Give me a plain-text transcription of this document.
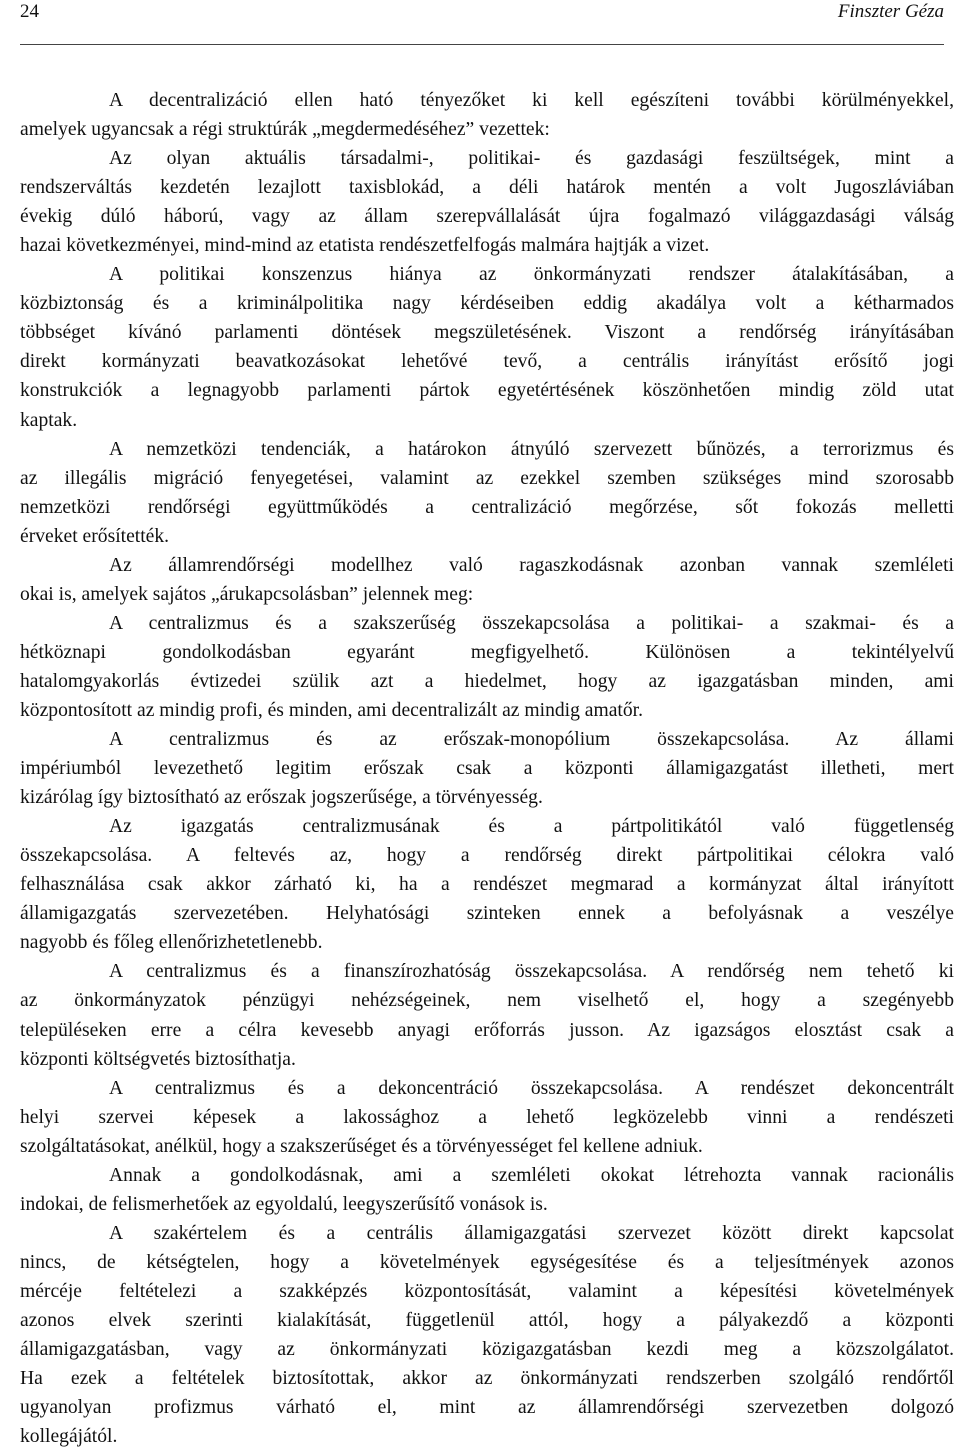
24	Finszter Géza
A decentralizáció ellen ható tényezőket ki kell egészíteni további körülményekkel,
amelyek ugyancsak a régi struktúrák „megdermedéséhez” vezettek:
Az olyan aktuális társadalmi-, politikai- és gazdasági feszültségek, mint a
rendszerváltás kezdetén lezajlott taxisblokád, a déli határok mentén a volt Jugoszláviában
évekig dúló háború, vagy az állam szerepvállalását újra fogalmazó világgazdasági válság
hazai következményei, mind-mind az etatista rendészetfelfogás malmára hajtják a vizet.
A politikai konszenzus hiánya az önkormányzati rendszer átalakításában, a
közbiztonság és a kriminálpolitika nagy kérdéseiben eddig akadálya volt a kétharmados
többséget kívánó parlamenti döntések megszületésének. Viszont a rendőrség irányításában
direkt kormányzati beavatkozásokat lehetővé tevő, a centrális irányítást erősítő jogi
konstrukciók a legnagyobb parlamenti pártok egyetértésének köszönhetően mindig zöld utat
kaptak.
A nemzetközi tendenciák, a határokon átnyúló szervezett bűnözés, a terrorizmus és
az illegális migráció fenyegetései, valamint az ezekkel szemben szükséges mind szorosabb
nemzetközi rendőrségi együttműködés a centralizáció megőrzése, sőt fokozás melletti
érveket erősítették.
Az államrendőrségi modellhez való ragaszkodásnak azonban vannak szemléleti
okai is, amelyek sajátos „árukapcsolásban” jelennek meg:
A centralizmus és a szakszerűség összekapcsolása a politikai- a szakmai- és a
hétköznapi gondolkodásban egyaránt megfigyelhető. Különösen a tekintélyelvű
hatalomgyakorlás évtizedei szülik azt a hiedelmet, hogy az igazgatásban minden, ami
központosított az mindig profi, és minden, ami decentralizált az mindig amatőr.
A centralizmus és az erőszak-monopólium összekapcsolása. Az állami
impériumból levezethető legitim erőszak csak a központi államigazgatást illetheti, mert
kizárólag így biztosítható az erőszak jogszerűsége, a törvényesség.
Az igazgatás centralizmusának és a pártpolitikától való függetlenség
összekapcsolása. A feltevés az, hogy a rendőrség direkt pártpolitikai célokra való
felhasználása csak akkor zárható ki, ha a rendészet megmarad a kormányzat által irányított
államigazgatás szervezetében. Helyhatósági szinteken ennek a befolyásnak a veszélye
nagyobb és főleg ellenőrizhetetlenebb.
A centralizmus és a finanszírozhatóság összekapcsolása. A rendőrség nem tehető ki
az önkormányzatok pénzügyi nehézségeinek, nem viselhető el, hogy a szegényebb
településeken erre a célra kevesebb anyagi erőforrás jusson. Az igazságos elosztást csak a
központi költségvetés biztosíthatja.
A centralizmus és a dekoncentráció összekapcsolása. A rendészet dekoncentrált
helyi szervei képesek a lakossághoz a lehető legközelebb vinni a rendészeti
szolgáltatásokat, anélkül, hogy a szakszerűséget és a törvényességet fel kellene adniuk.
Annak a gondolkodásnak, ami a szemléleti okokat létrehozta vannak racionális
indokai, de felismerhetőek az egyoldalú, leegyszerűsítő vonások is.
A szakértelem és a centrális államigazgatási szervezet között direkt kapcsolat
nincs, de kétségtelen, hogy a követelmények egységesítése és a teljesítmények azonos
mércéje feltételezi a szakképzés központosítását, valamint a képesítési követelmények
azonos elvek szerinti kialakítását, függetlenül attól, hogy a pályakezdő a központi
államigazgatásban, vagy az önkormányzati közigazgatásban kezdi meg a közszolgálatot.
Ha ezek a feltételek biztosítottak, akkor az önkormányzati rendszerben szolgáló rendőrtől
ugyanolyan profizmus várható el, mint az államrendőrségi szervezetben dolgozó
kollegájától.
